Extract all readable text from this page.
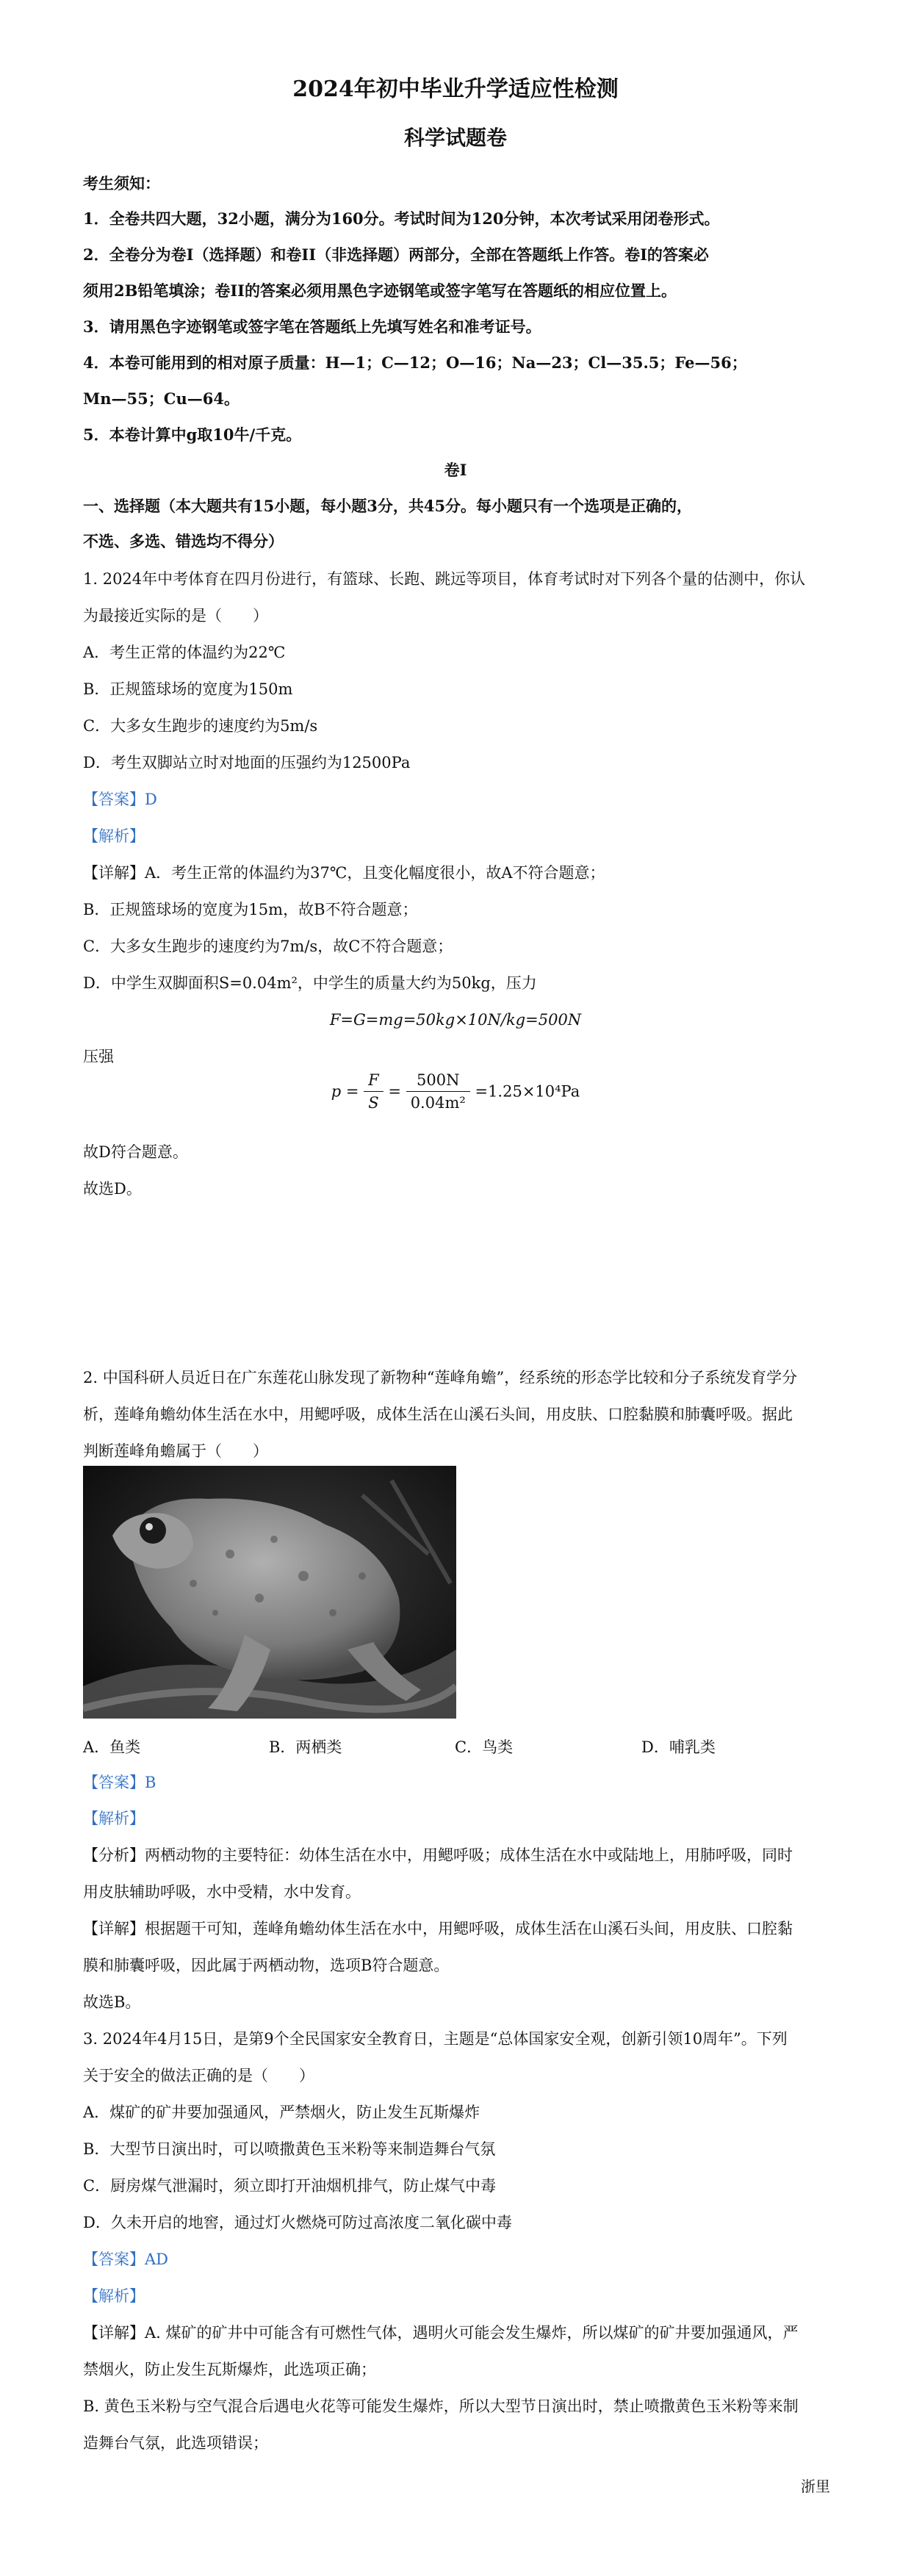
2024年初中毕业升学适应性检测
科学试题卷
考生须知：
1．全卷共四大题，32小题，满分为160分。考试时间为120分钟，本次考试采用闭卷形式。
2．全卷分为卷I（选择题）和卷II（非选择题）两部分，全部在答题纸上作答。卷I的答案必
须用2B铅笔填涂；卷II的答案必须用黑色字迹钢笔或签字笔写在答题纸的相应位置上。
3．请用黑色字迹钢笔或签字笔在答题纸上先填写姓名和准考证号。
4．本卷可能用到的相对原子质量：H—1；C—12；O—16；Na—23；Cl—35.5；Fe—56；
Mn—55；Cu—64。
5．本卷计算中g取10牛/千克。
卷I
一、选择题（本大题共有15小题，每小题3分，共45分。每小题只有一个选项是正确的，
不选、多选、错选均不得分）
1. 2024年中考体育在四月份进行，有篮球、长跑、跳远等项目，体育考试时对下列各个量的估测中，你认
为最接近实际的是（　　）
A．考生正常的体温约为22℃
B．正规篮球场的宽度为150m
C．大多女生跑步的速度约为5m/s
D．考生双脚站立时对地面的压强约为12500Pa
【答案】D
【解析】
【详解】A．考生正常的体温约为37℃，且变化幅度很小，故A不符合题意；
B．正规篮球场的宽度为15m，故B不符合题意；
C．大多女生跑步的速度约为7m/s，故C不符合题意；
D．中学生双脚面积S=0.04m²，中学生的质量大约为50kg，压力
F=G=mg=50kg×10N/kg=500N
压强
$p = \frac{F}{S} = \frac{500N}{\text{0.04m²}} =1.25\times 10^4Pa$
故D符合题意。
故选D。
2. 中国科研人员近日在广东莲花山脉发现了新物种“莲峰角蟾”，经系统的形态学比较和分子系统发育学分
析，莲峰角蟾幼体生活在水中，用鳃呼吸，成体生活在山溪石头间，用皮肤、口腔黏膜和肺囊呼吸。据此
判断莲峰角蟾属于（　　）
A．鱼类	B．两栖类	C．鸟类	D．哺乳类
【答案】B
【解析】
【分析】两栖动物的主要特征：幼体生活在水中，用鳃呼吸；成体生活在水中或陆地上，用肺呼吸，同时
用皮肤辅助呼吸，水中受精，水中发育。
【详解】根据题干可知，莲峰角蟾幼体生活在水中，用鳃呼吸，成体生活在山溪石头间，用皮肤、口腔黏
膜和肺囊呼吸，因此属于两栖动物，选项B符合题意。
故选B。
3. 2024年4月15日，是第9个全民国家安全教育日，主题是“总体国家安全观，创新引领10周年”。下列
关于安全的做法正确的是（　　）
A．煤矿的矿井要加强通风，严禁烟火，防止发生瓦斯爆炸
B．大型节日演出时，可以喷撒黄色玉米粉等来制造舞台气氛
C．厨房煤气泄漏时，须立即打开油烟机排气，防止煤气中毒
D．久未开启的地窖，通过灯火燃烧可防过高浓度二氧化碳中毒
【答案】AD
【解析】
【详解】A. 煤矿的矿井中可能含有可燃性气体，遇明火可能会发生爆炸，所以煤矿的矿井要加强通风，严
禁烟火，防止发生瓦斯爆炸，此选项正确；
B. 黄色玉米粉与空气混合后遇电火花等可能发生爆炸，所以大型节日演出时，禁止喷撒黄色玉米粉等来制
造舞台气氛，此选项错误；
浙里
